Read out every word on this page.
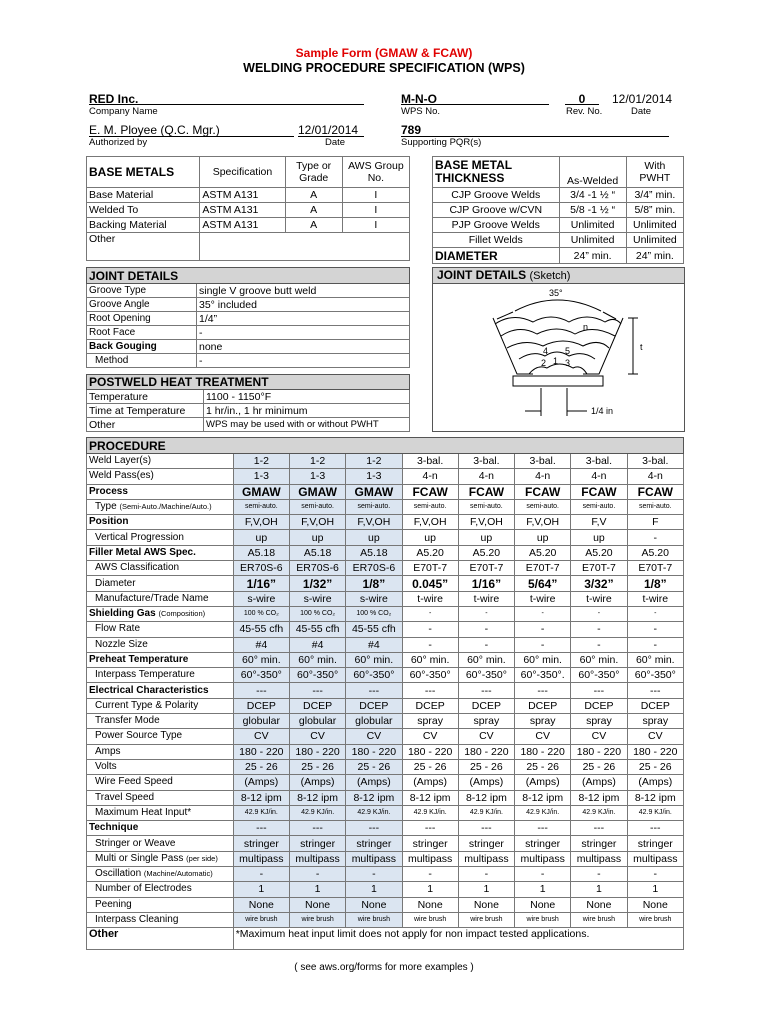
Sample Form (GMAW & FCAW)
WELDING PROCEDURE SPECIFICATION (WPS)
RED Inc.
Company Name
E. M. Ployee (Q.C. Mgr.)
Authorized by
12/01/2014
Date
M-N-O
WPS No.
0
Rev. No.
12/01/2014
Date
789
Supporting PQR(s)
BASE METALS	Specification	Type or Grade	AWS Group No.
Base Material	ASTM A131	A	I
Welded To	ASTM A131	A	I
Backing Material	ASTM A131	A	I
Other			
BASE METAL THICKNESS	As-Welded	With PWHT
CJP Groove Welds	3/4 -1 ½ “	3/4” min.
CJP Groove w/CVN	5/8 -1 ½ “	5/8” min.
PJP Groove Welds	Unlimited	Unlimited
Fillet Welds	Unlimited	Unlimited
DIAMETER	24” min.	24” min.
JOINT DETAILS	
Groove Type	single V groove butt weld
Groove Angle	35° included
Root Opening	1/4”
Root Face	-
Back Gouging	none
Method	-
JOINT DETAILS (Sketch)
35°
n
4 5
2 1 3
t
1/4 in
POSTWELD HEAT TREATMENT	
Temperature	1100 - 1150°F
Time at Temperature	1 hr/in., 1 hr minimum
Other	WPS may be used with or without PWHT
PROCEDURE								
Weld Layer(s)	1-2	1-2	1-2	3-bal.	3-bal.	3-bal.	3-bal.	3-bal.
Weld Pass(es)	1-3	1-3	1-3	4-n	4-n	4-n	4-n	4-n
Process	GMAW	GMAW	GMAW	FCAW	FCAW	FCAW	FCAW	FCAW
Type (Semi-Auto./Machine/Auto.)	semi-auto.	semi-auto.	semi-auto.	semi-auto.	semi-auto.	semi-auto.	semi-auto.	semi-auto.
Position	F,V,OH	F,V,OH	F,V,OH	F,V,OH	F,V,OH	F,V,OH	F,V	F
Vertical Progression	up	up	up	up	up	up	up	-
Filler Metal AWS Spec.	A5.18	A5.18	A5.18	A5.20	A5.20	A5.20	A5.20	A5.20
AWS Classification	ER70S-6	ER70S-6	ER70S-6	E70T-7	E70T-7	E70T-7	E70T-7	E70T-7
Diameter	1/16”	1/32”	1/8”	0.045”	1/16”	5/64”	3/32”	1/8”
Manufacture/Trade Name	s-wire	s-wire	s-wire	t-wire	t-wire	t-wire	t-wire	t-wire
Shielding Gas (Composition)	100 % CO₂	100 % CO₂	100 % CO₂	-	-	-	-	-
Flow Rate	45-55 cfh	45-55 cfh	45-55 cfh	-	-	-	-	-
Nozzle Size	#4	#4	#4	-	-	-	-	-
Preheat Temperature	60° min.	60° min.	60° min.	60° min.	60° min.	60° min.	60° min.	60° min.
Interpass Temperature	60°-350°	60°-350°	60°-350°	60°-350°	60°-350°	60°-350°.	60°-350°	60°-350°
Electrical Characteristics	---	---	---	---	---	---	---	---
Current Type & Polarity	DCEP	DCEP	DCEP	DCEP	DCEP	DCEP	DCEP	DCEP
Transfer Mode	globular	globular	globular	spray	spray	spray	spray	spray
Power Source Type	CV	CV	CV	CV	CV	CV	CV	CV
Amps	180 - 220	180 - 220	180 - 220	180 - 220	180 - 220	180 - 220	180 - 220	180 - 220
Volts	25 - 26	25 - 26	25 - 26	25 - 26	25 - 26	25 - 26	25 - 26	25 - 26
Wire Feed Speed	(Amps)	(Amps)	(Amps)	(Amps)	(Amps)	(Amps)	(Amps)	(Amps)
Travel Speed	8-12 ipm	8-12 ipm	8-12 ipm	8-12 ipm	8-12 ipm	8-12 ipm	8-12 ipm	8-12 ipm
Maximum Heat Input*	42.9 KJ/in.	42.9 KJ/in.	42.9 KJ/in.	42.9 KJ/in.	42.9 KJ/in.	42.9 KJ/in.	42.9 KJ/in.	42.9 KJ/in.
Technique	---	---	---	---	---	---	---	---
Stringer or Weave	stringer	stringer	stringer	stringer	stringer	stringer	stringer	stringer
Multi or Single Pass (per side)	multipass	multipass	multipass	multipass	multipass	multipass	multipass	multipass
Oscillation (Machine/Automatic)	-	-	-	-	-	-	-	-
Number of Electrodes	1	1	1	1	1	1	1	1
Peening	None	None	None	None	None	None	None	None
Interpass Cleaning	wire brush	wire brush	wire brush	wire brush	wire brush	wire brush	wire brush	wire brush
Other	*Maximum heat input limit does not apply for non impact tested applications.							
( see aws.org/forms for more examples )
